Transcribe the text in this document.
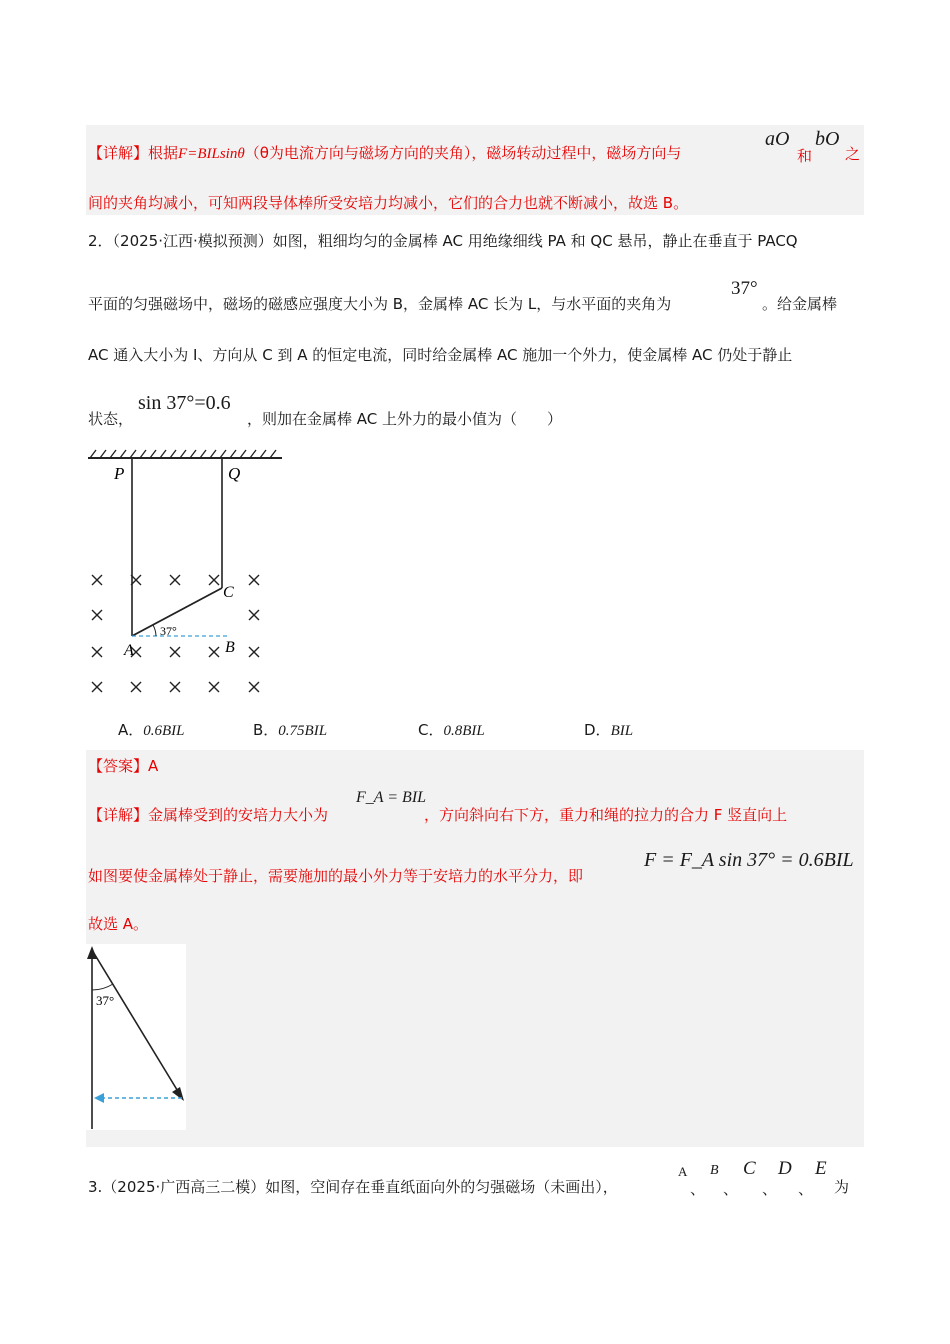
【详解】根据F=BILsinθ（θ为电流方向与磁场方向的夹角），磁场转动过程中，磁场方向与
aO
和
bO
之
间的夹角均减小，可知两段导体棒所受安培力均减小，它们的合力也就不断减小，故选 B。
2．（2025·江西·模拟预测）如图，粗细均匀的金属棒 AC 用绝缘细线 PA 和 QC 悬吊，静止在垂直于 PACQ
平面的匀强磁场中，磁场的磁感应强度大小为 B，金属棒 AC 长为 L，与水平面的夹角为
37°
。给金属棒
AC 通入大小为 I、方向从 C 到 A 的恒定电流，同时给金属棒 AC 施加一个外力，使金属棒 AC 仍处于静止
状态，
sin 37°=0.6
，则加在金属棒 AC 上外力的最小值为（　　）
P	Q
C
A	B
37°
A．0.6BIL	B．0.75BIL	C．0.8BIL	D．BIL
【答案】A
【详解】金属棒受到的安培力大小为
F_A = BIL
，方向斜向右下方，重力和绳的拉力的合力 F 竖直向上
如图要使金属棒处于静止，需要施加的最小外力等于安培力的水平分力，即
F = F_A sin 37° = 0.6BIL
故选 A。
37°
3.（2025·广西高三二模）如图，空间存在垂直纸面向外的匀强磁场（未画出），
A
、
B
、
C
、
D
、
E
为
